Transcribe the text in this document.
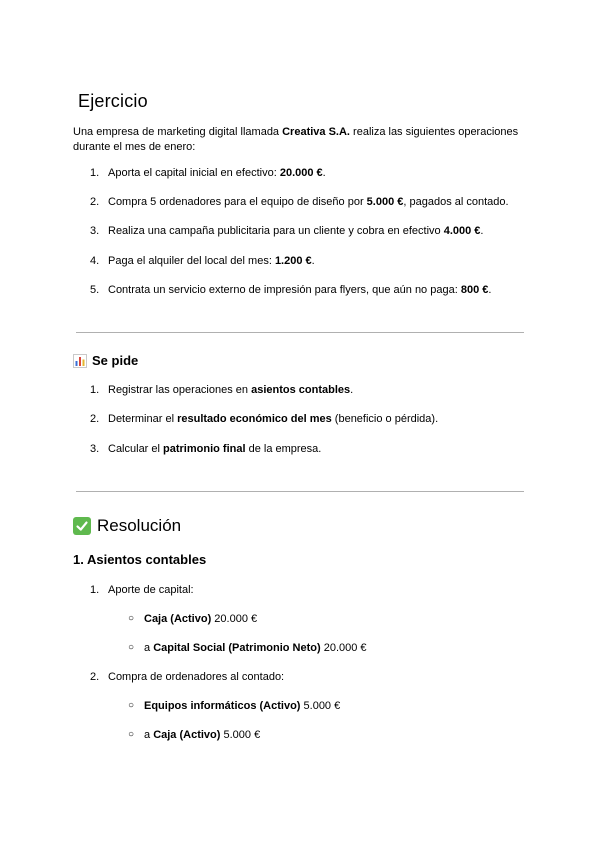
Ejercicio

Una empresa de marketing digital llamada Creativa S.A. realiza las siguientes operaciones durante el mes de enero:

1. Aporta el capital inicial en efectivo: 20.000 €.
2. Compra 5 ordenadores para el equipo de diseño por 5.000 €, pagados al contado.
3. Realiza una campaña publicitaria para un cliente y cobra en efectivo 4.000 €.
4. Paga el alquiler del local del mes: 1.200 €.
5. Contrata un servicio externo de impresión para flyers, que aún no paga: 800 €.
Se pide
1. Registrar las operaciones en asientos contables.
2. Determinar el resultado económico del mes (beneficio o pérdida).
3. Calcular el patrimonio final de la empresa.
Resolución
1. Asientos contables
1. Aporte de capital:
2. Compra de ordenadores al contado:
○ Caja (Activo) 20.000 €
○ a Capital Social (Patrimonio Neto) 20.000 €
○ Equipos informáticos (Activo) 5.000 €
○ a Caja (Activo) 5.000 €
